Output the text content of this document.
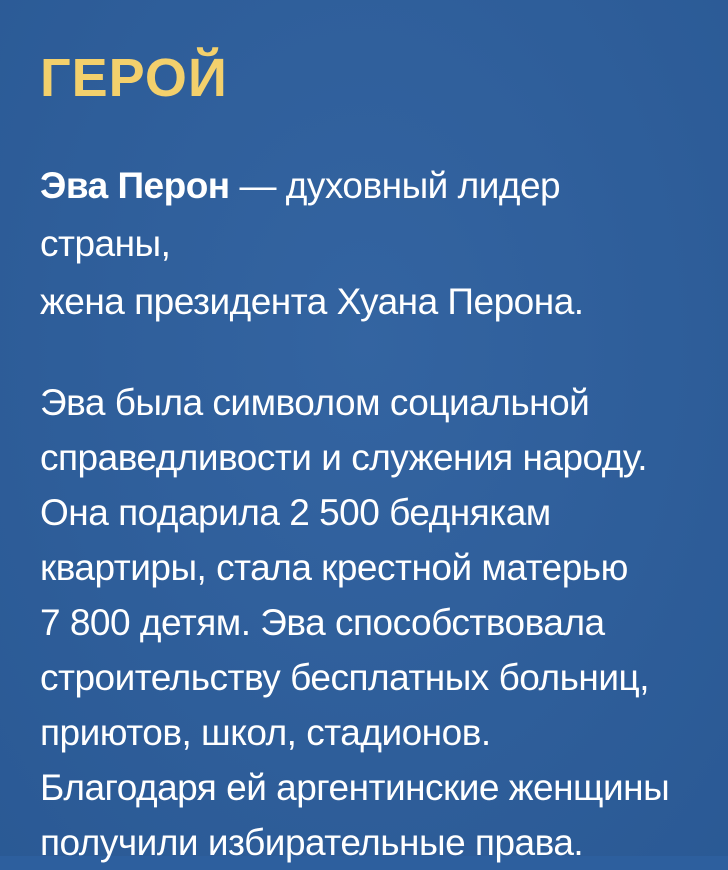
ГЕРОЙ

Эва Перон — духовный лидер страны,
жена президента Хуана Перона.

Эва была символом социальной
справедливости и служения народу.
Она подарила 2 500 беднякам
квартиры, стала крестной матерью
7 800 детям. Эва способствовала
строительству бесплатных больниц,
приютов, школ, стадионов.
Благодаря ей аргентинские женщины
получили избирательные права.
